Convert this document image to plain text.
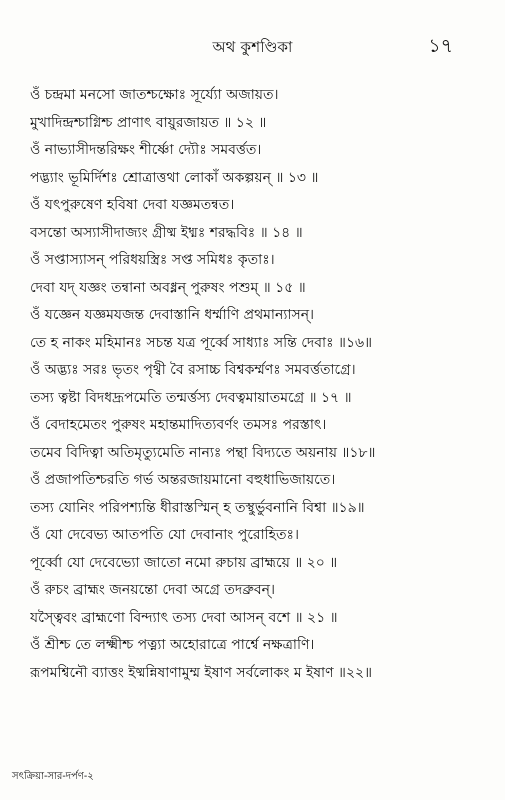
অথ কুশণ্ডিকা	১৭
ওঁ চন্দ্রমা মনসো জাতশ্চক্ষোঃ সূর্য্যো অজায়ত।
মুখাদিন্দ্রশ্চাগ্নিশ্চ প্রাণাৎ বায়ুরজায়ত ॥ ১২ ॥
ওঁ নাভ্যাসীদন্তরিক্ষং শীর্ষ্ণো দ্যৌঃ সমবর্ত্তত।
পদ্ভ্যাং ভূমির্দিশঃ শ্রোত্রাত্তথা লোকাঁ অকল্পয়ন্ ॥ ১৩ ॥
ওঁ যৎপুরুষেণ হবিষা দেবা যজ্ঞমতন্বত।
বসন্তো অস্যাসীদাজ্যং গ্রীষ্ম ইধ্মঃ শরদ্ধবিঃ ॥ ১৪ ॥
ওঁ সপ্তাস্যাসন্ পরিধয়স্ত্রিঃ সপ্ত সমিধঃ কৃতাঃ।
দেবা যদ্ যজ্ঞং তন্বানা অবধ্নন্ পুরুষং পশুম্ ॥ ১৫ ॥
ওঁ যজ্ঞেন যজ্ঞমযজন্ত দেবাস্তানি ধর্ম্মাণি প্রথমান্যাসন্।
তে হ নাকং মহিমানঃ সচন্ত যত্র পূর্ব্বে সাধ্যাঃ সন্তি দেবাঃ ॥১৬॥
ওঁ অদ্ভ্যঃ সরঃ ভৃতং পৃথ্বী বৈ রসাচ্চ বিশ্বকর্ম্মণঃ সমবর্ত্ততাগ্রে।
তস্য ত্বষ্টা বিদধদ্রূপমেতি তন্মর্ত্তস্য দেবত্বমায়াতমগ্রে ॥ ১৭ ॥
ওঁ বেদাহমেতং পুরুষং মহান্তমাদিত্যবর্ণং তমসঃ পরস্তাৎ।
তমেব বিদিত্বা অতিমৃত্যুমেতি নান্যঃ পন্থা বিদ্যতে অয়নায় ॥১৮॥
ওঁ প্রজাপতিশ্চরতি গর্ভ অন্তরজায়মানো বহুধাভিজায়তে।
তস্য যোনিং পরিপশ্যন্তি ধীরাস্তস্মিন্ হ তস্থুর্ভুবনানি বিশ্বা ॥১৯॥
ওঁ যো দেবেভ্য আতপতি যো দেবানাং পুরোহিতঃ।
পূর্ব্বো যো দেবেভ্যো জাতো নমো রুচায় ব্রাহ্ময়ে ॥ ২০ ॥
ওঁ রুচং ব্রাহ্মং জনয়ন্তো দেবা অগ্রে তদব্রুবন্।
যস্ত্বৈবং ব্রাহ্মণো বিন্দ্যাৎ তস্য দেবা আসন্ বশে ॥ ২১ ॥
ওঁ শ্রীশ্চ তে লক্ষ্মীশ্চ পত্ন্যা অহোরাত্রে পার্শ্বে নক্ষত্রাণি।
রূপমশ্বিনৌ ব্যাত্তং ইষ্মন্নিষাণামুম্ম ইষাণ সর্বলোকং ম ইষাণ ॥২২॥
সৎক্রিয়া-সার-দর্পণ-২
